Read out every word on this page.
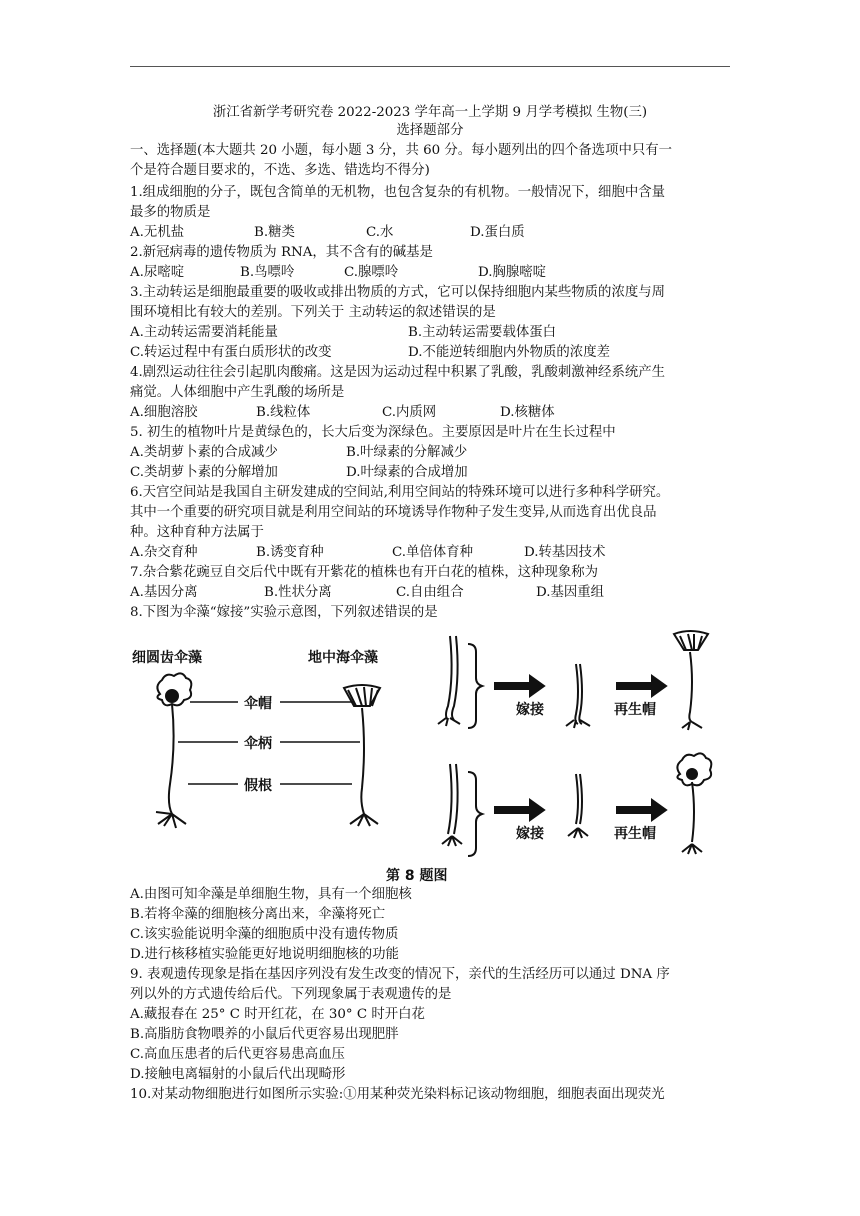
浙江省新学考研究卷 2022-2023 学年高一上学期 9 月学考模拟 生物(三)
选择题部分
一、选择题(本大题共 20 小题，每小题 3 分，共 60 分。每小题列出的四个备选项中只有一
个是符合题目要求的，不选、多选、错选均不得分)
1.组成细胞的分子，既包含简单的无机物，也包含复杂的有机物。一般情况下，细胞中含量
最多的物质是
A.无机盐	B.糖类	C.水	D.蛋白质
2.新冠病毒的遗传物质为 RNA，其不含有的碱基是
A.尿嘧啶	B.鸟嘌呤	C.腺嘌呤	D.胸腺嘧啶
3.主动转运是细胞最重要的吸收或排出物质的方式，它可以保持细胞内某些物质的浓度与周
围环境相比有较大的差别。下列关于 主动转运的叙述错误的是
A.主动转运需要消耗能量	B.主动转运需要载体蛋白
C.转运过程中有蛋白质形状的改变	D.不能逆转细胞内外物质的浓度差
4.剧烈运动往往会引起肌肉酸痛。这是因为运动过程中积累了乳酸，乳酸刺激神经系统产生
痛觉。人体细胞中产生乳酸的场所是
A.细胞溶胶	B.线粒体	C.内质网	D.核糖体
5. 初生的植物叶片是黄绿色的，长大后变为深绿色。主要原因是叶片在生长过程中
A.类胡萝卜素的合成减少	B.叶绿素的分解减少
C.类胡萝卜素的分解增加	D.叶绿素的合成增加
6.天宫空间站是我国自主研发建成的空间站,利用空间站的特殊环境可以进行多种科学研究。
其中一个重要的研究项目就是利用空间站的环境诱导作物种子发生变异,从而选育出优良品
种。这种育种方法属于
A.杂交育种	B.诱变育种	C.单倍体育种	D.转基因技术
7.杂合紫花豌豆自交后代中既有开紫花的植株也有开白花的植株，这种现象称为
A.基因分离	B.性状分离	C.自由组合	D.基因重组
8.下图为伞藻“嫁接”实验示意图，下列叙述错误的是
细圆齿伞藻	地中海伞藻
伞帽
伞柄
假根
嫁接	再生帽
嫁接	再生帽
第 8 题图
A.由图可知伞藻是单细胞生物，具有一个细胞核
B.若将伞藻的细胞核分离出来，伞藻将死亡
C.该实验能说明伞藻的细胞质中没有遗传物质
D.进行核移植实验能更好地说明细胞核的功能
9. 表观遗传现象是指在基因序列没有发生改变的情况下，亲代的生活经历可以通过 DNA 序
列以外的方式遗传给后代。下列现象属于表观遗传的是
A.藏报春在 25° C 时开红花，在 30° C 时开白花
B.高脂肪食物喂养的小鼠后代更容易出现肥胖
C.高血压患者的后代更容易患高血压
D.接触电离辐射的小鼠后代出现畸形
10.对某动物细胞进行如图所示实验:①用某种荧光染料标记该动物细胞，细胞表面出现荧光
